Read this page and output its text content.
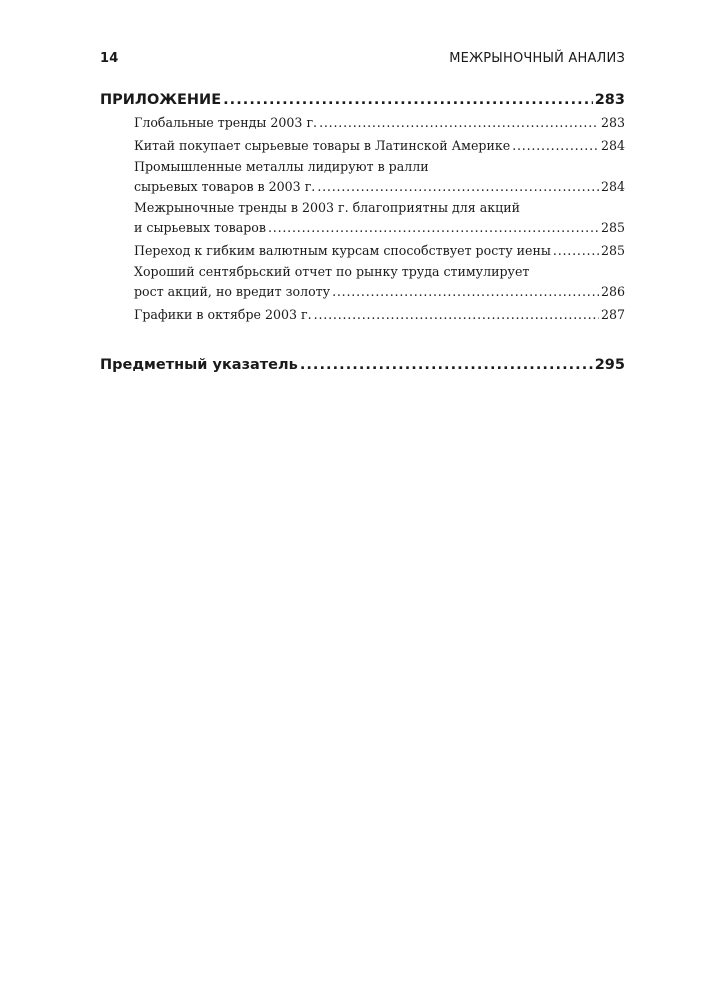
14	МЕЖРЫНОЧНЫЙ АНАЛИЗ
ПРИЛОЖЕНИЕ . . .	283
Глобальные тренды 2003 г. . . .	283
Китай покупает сырьевые товары в Латинской Америке . . .	284
Промышленные металлы лидируют в ралли
сырьевых товаров в 2003 г. . . .	284
Межрыночные тренды в 2003 г. благоприятны для акций
и сырьевых товаров . . .	285
Переход к гибким валютным курсам способствует росту иены . . .	285
Хороший сентябрьский отчет по рынку труда стимулирует
рост акций, но вредит золоту . . .	286
Графики в октябре 2003 г. . . .	287
Предметный указатель . . .	295
